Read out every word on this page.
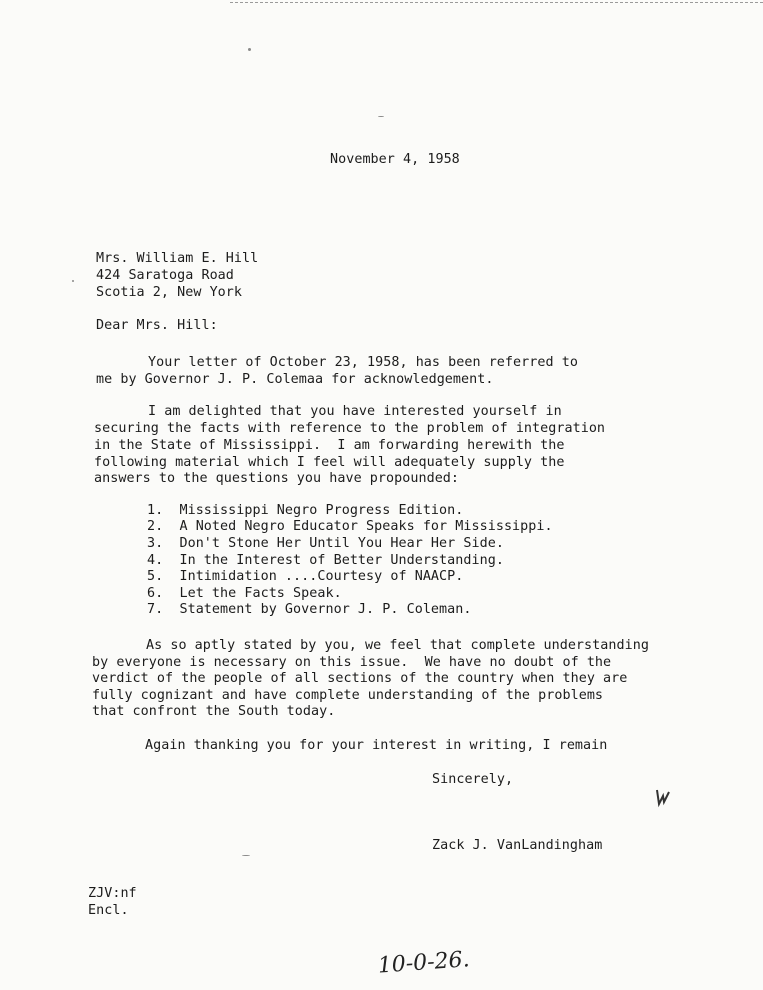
November 4, 1958
Mrs. William E. Hill
424 Saratoga Road
Scotia 2, New York
Dear Mrs. Hill:
Your letter of October 23, 1958, has been referred to
me by Governor J. P. Colemaa for acknowledgement.
I am delighted that you have interested yourself in
securing the facts with reference to the problem of integration
in the State of Mississippi.  I am forwarding herewith the
following material which I feel will adequately supply the
answers to the questions you have propounded:
1. Mississippi Negro Progress Edition.
2. A Noted Negro Educator Speaks for Mississippi.
3. Don't Stone Her Until You Hear Her Side.
4. In the Interest of Better Understanding.
5. Intimidation ....Courtesy of NAACP.
6. Let the Facts Speak.
7. Statement by Governor J. P. Coleman.
As so aptly stated by you, we feel that complete understanding
by everyone is necessary on this issue.  We have no doubt of the
verdict of the people of all sections of the country when they are
fully cognizant and have complete understanding of the problems
that confront the South today.
Again thanking you for your interest in writing, I remain
Sincerely,
Zack J. VanLandingham
ZJV:nf
Encl.
10-0-26.
